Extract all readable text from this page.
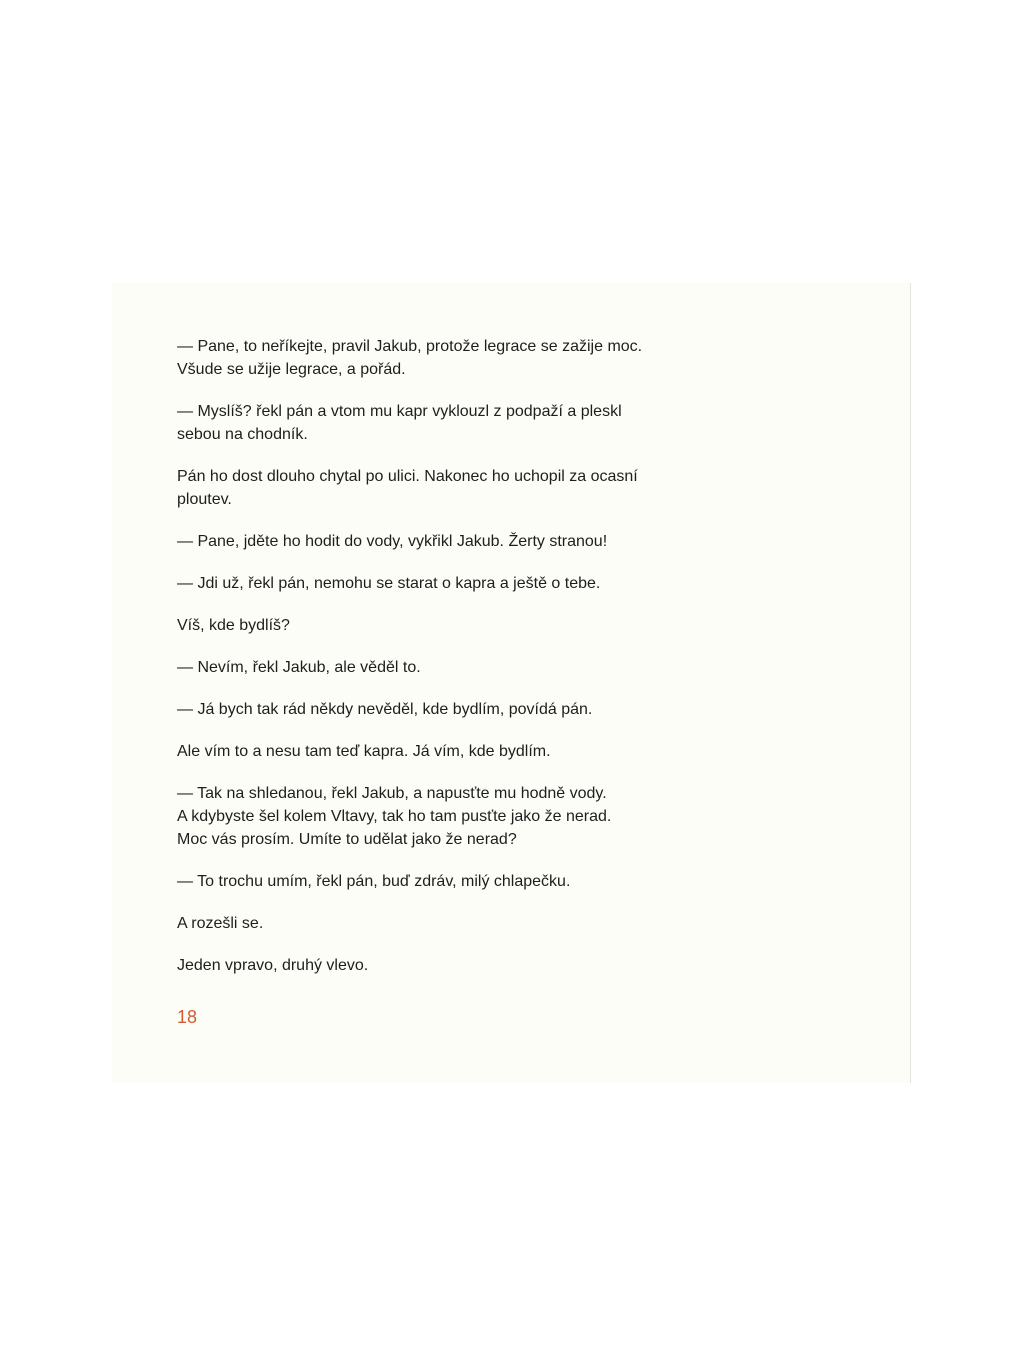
— Pane, to neříkejte, pravil Jakub, protože legrace se zažije moc.
Všude se užije legrace, a pořád.

— Myslíš? řekl pán a vtom mu kapr vyklouzl z podpaží a pleskl
sebou na chodník.

Pán ho dost dlouho chytal po ulici. Nakonec ho uchopil za ocasní
ploutev.

— Pane, jděte ho hodit do vody, vykřikl Jakub. Žerty stranou!

— Jdi už, řekl pán, nemohu se starat o kapra a ještě o tebe.

Víš, kde bydlíš?

— Nevím, řekl Jakub, ale věděl to.

— Já bych tak rád někdy nevěděl, kde bydlím, povídá pán.

Ale vím to a nesu tam teď kapra. Já vím, kde bydlím.

— Tak na shledanou, řekl Jakub, a napusťte mu hodně vody.
A kdybyste šel kolem Vltavy, tak ho tam pusťte jako že nerad.
Moc vás prosím. Umíte to udělat jako že nerad?

— To trochu umím, řekl pán, buď zdráv, milý chlapečku.

A rozešli se.

Jeden vpravo, druhý vlevo.

18
